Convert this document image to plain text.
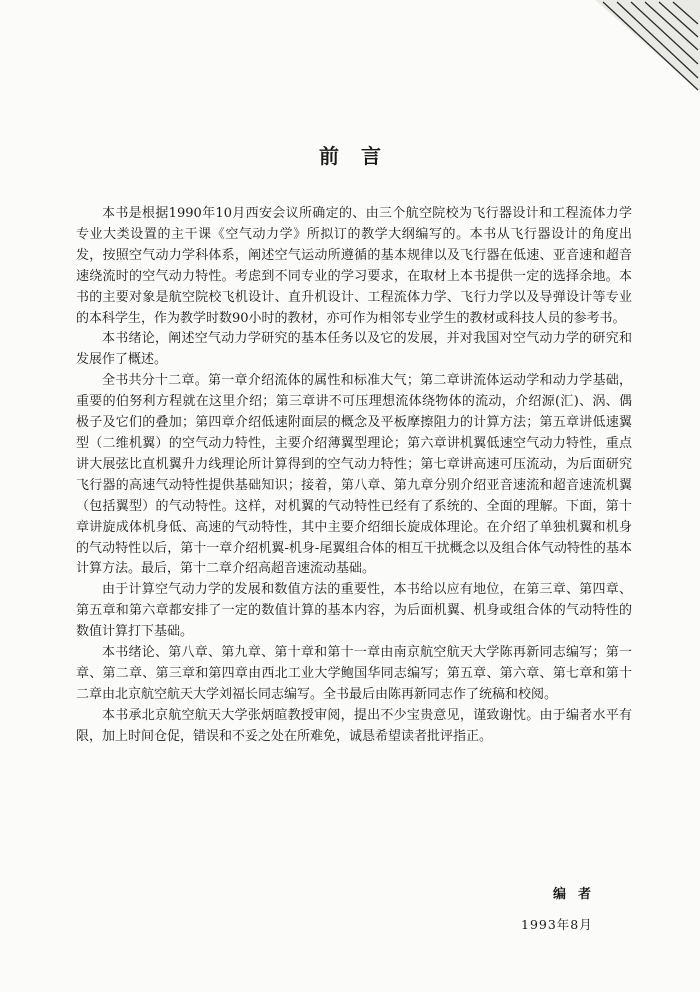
前言

本书是根据1990年10月西安会议所确定的、由三个航空院校为飞行器设计和工程流体力学专业大类设置的主干课《空气动力学》所拟订的教学大纲编写的。本书从飞行器设计的角度出发，按照空气动力学科体系，阐述空气运动所遵循的基本规律以及飞行器在低速、亚音速和超音速绕流时的空气动力特性。考虑到不同专业的学习要求，在取材上本书提供一定的选择余地。本书的主要对象是航空院校飞机设计、直升机设计、工程流体力学、飞行力学以及导弹设计等专业的本科学生，作为教学时数90小时的教材，亦可作为相邻专业学生的教材或科技人员的参考书。

本书绪论，阐述空气动力学研究的基本任务以及它的发展，并对我国对空气动力学的研究和发展作了概述。

全书共分十二章。第一章介绍流体的属性和标准大气；第二章讲流体运动学和动力学基础，重要的伯努利方程就在这里介绍；第三章讲不可压理想流体绕物体的流动，介绍源(汇)、涡、偶极子及它们的叠加；第四章介绍低速附面层的概念及平板摩擦阻力的计算方法；第五章讲低速翼型（二维机翼）的空气动力特性，主要介绍薄翼型理论；第六章讲机翼低速空气动力特性，重点讲大展弦比直机翼升力线理论所计算得到的空气动力特性；第七章讲高速可压流动，为后面研究飞行器的高速气动特性提供基础知识；接着，第八章、第九章分别介绍亚音速流和超音速流机翼（包括翼型）的气动特性。这样，对机翼的气动特性已经有了系统的、全面的理解。下面，第十章讲旋成体机身低、高速的气动特性，其中主要介绍细长旋成体理论。在介绍了单独机翼和机身的气动特性以后，第十一章介绍机翼-机身-尾翼组合体的相互干扰概念以及组合体气动特性的基本计算方法。最后，第十二章介绍高超音速流动基础。

由于计算空气动力学的发展和数值方法的重要性，本书给以应有地位，在第三章、第四章、第五章和第六章都安排了一定的数值计算的基本内容，为后面机翼、机身或组合体的气动特性的数值计算打下基础。

本书绪论、第八章、第九章、第十章和第十一章由南京航空航天大学陈再新同志编写；第一章、第二章、第三章和第四章由西北工业大学鲍国华同志编写；第五章、第六章、第七章和第十二章由北京航空航天大学刘福长同志编写。全书最后由陈再新同志作了统稿和校阅。

本书承北京航空航天大学张炳暄教授审阅，提出不少宝贵意见，谨致谢忱。由于编者水平有限，加上时间仓促，错误和不妥之处在所难免，诚恳希望读者批评指正。

编者
1993年8月
